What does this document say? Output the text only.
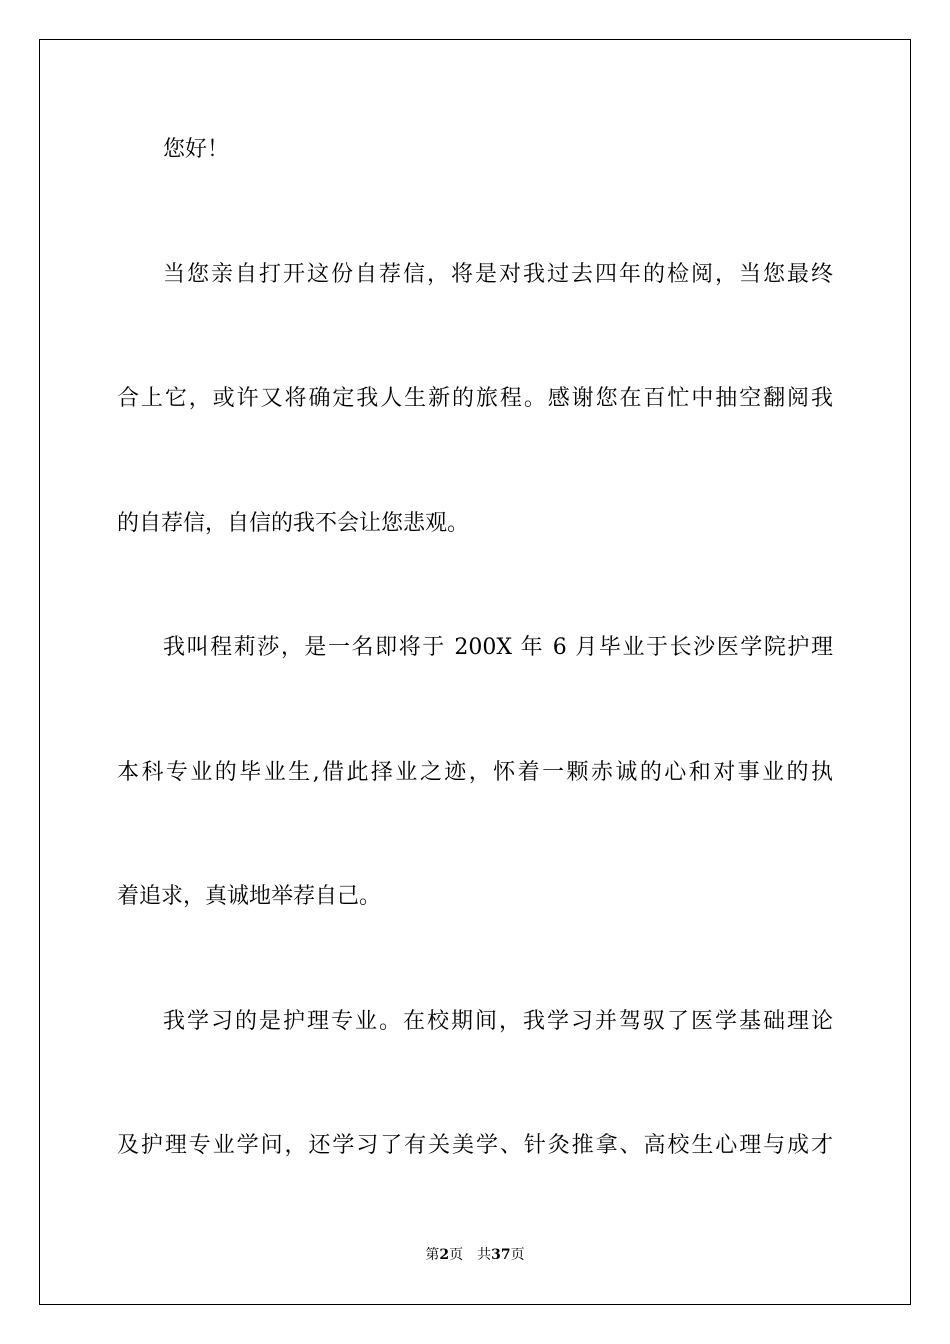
您好！
当您亲自打开这份自荐信，将是对我过去四年的检阅，当您最终
合上它，或许又将确定我人生新的旅程。感谢您在百忙中抽空翻阅我
的自荐信，自信的我不会让您悲观。
我叫程莉莎，是一名即将于 200X 年 6 月毕业于长沙医学院护理
本科专业的毕业生,借此择业之迹，怀着一颗赤诚的心和对事业的执
着追求，真诚地举荐自己。
我学习的是护理专业。在校期间，我学习并驾驭了医学基础理论
及护理专业学问，还学习了有关美学、针灸推拿、高校生心理与成才
第2页 共37页
